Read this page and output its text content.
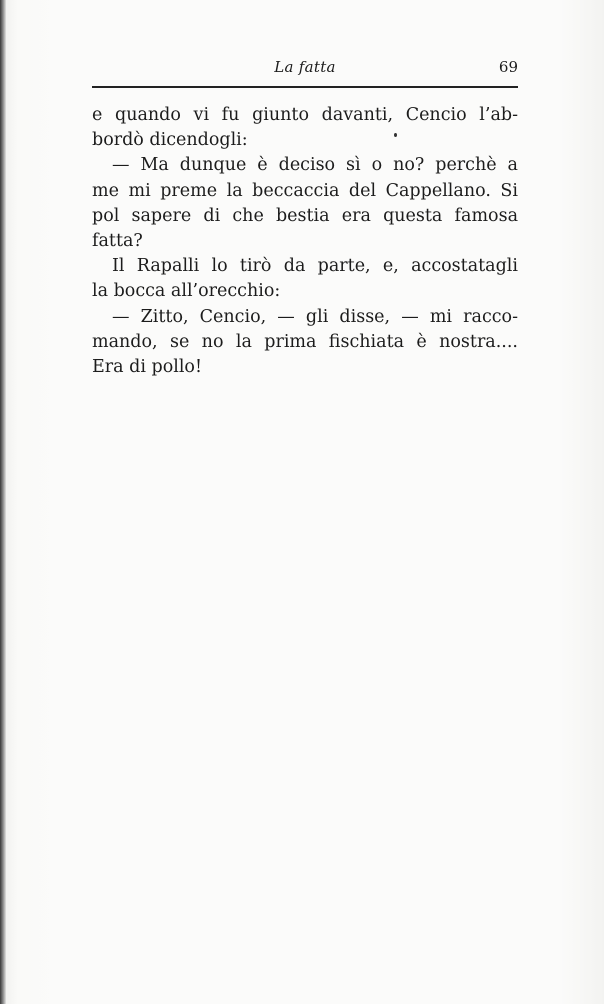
La fatta	69
e quando vi fu giunto davanti, Cencio l’ab-
bordò dicendogli:
— Ma dunque è deciso sì o no? perchè a
me mi preme la beccaccia del Cappellano. Si
pol sapere di che bestia era questa famosa
fatta?
Il Rapalli lo tirò da parte, e, accostatagli
la bocca all’orecchio:
— Zitto, Cencio, — gli disse, — mi racco-
mando, se no la prima fischiata è nostra....
Era di pollo!
